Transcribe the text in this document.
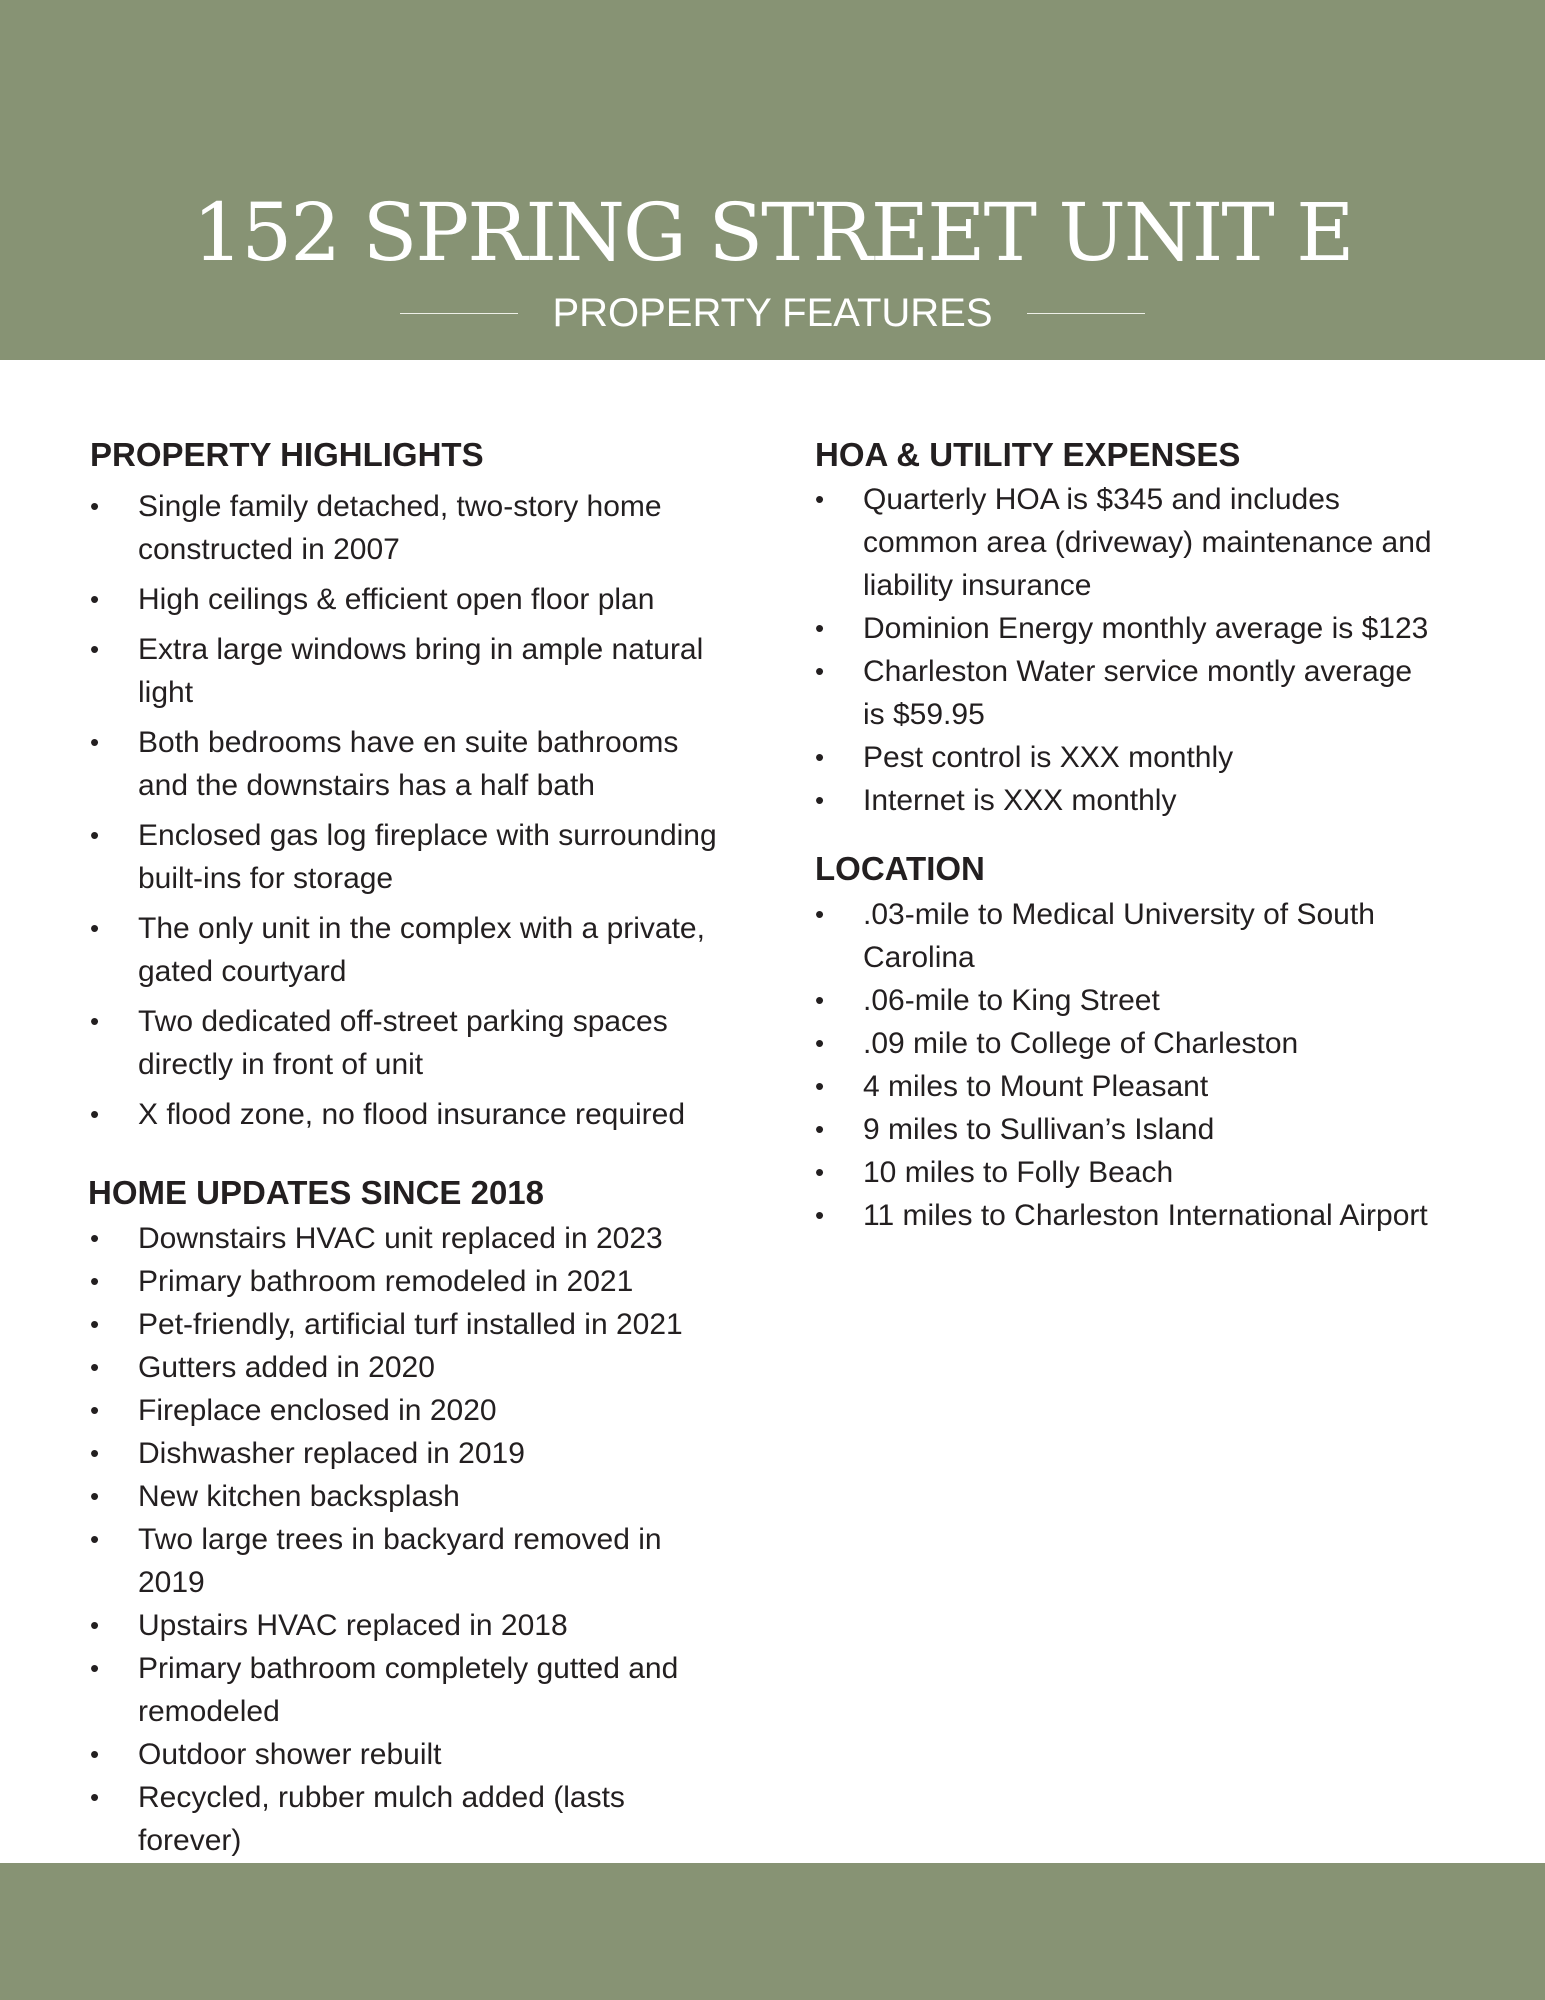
152 SPRING STREET UNIT E
PROPERTY FEATURES
PROPERTY HIGHLIGHTS
• Single family detached, two-story home constructed in 2007
• High ceilings & efficient open floor plan
• Extra large windows bring in ample natural light
• Both bedrooms have en suite bathrooms and the downstairs has a half bath
• Enclosed gas log fireplace with surrounding built-ins for storage
• The only unit in the complex with a private, gated courtyard
• Two dedicated off-street parking spaces directly in front of unit
• X flood zone, no flood insurance required
HOME UPDATES SINCE 2018
• Downstairs HVAC unit replaced in 2023
• Primary bathroom remodeled in 2021
• Pet-friendly, artificial turf installed in 2021
• Gutters added in 2020
• Fireplace enclosed in 2020
• Dishwasher replaced in 2019
• New kitchen backsplash
• Two large trees in backyard removed in 2019
• Upstairs HVAC replaced in 2018
• Primary bathroom completely gutted and remodeled
• Outdoor shower rebuilt
• Recycled, rubber mulch added (lasts forever)
HOA & UTILITY EXPENSES
• Quarterly HOA is $345 and includes common area (driveway) maintenance and liability insurance
• Dominion Energy monthly average is $123
• Charleston Water service montly average is $59.95
• Pest control is XXX monthly
• Internet is XXX monthly
LOCATION
• .03-mile to Medical University of South Carolina
• .06-mile to King Street
• .09 mile to College of Charleston
• 4 miles to Mount Pleasant
• 9 miles to Sullivan’s Island
• 10 miles to Folly Beach
• 11 miles to Charleston International Airport
